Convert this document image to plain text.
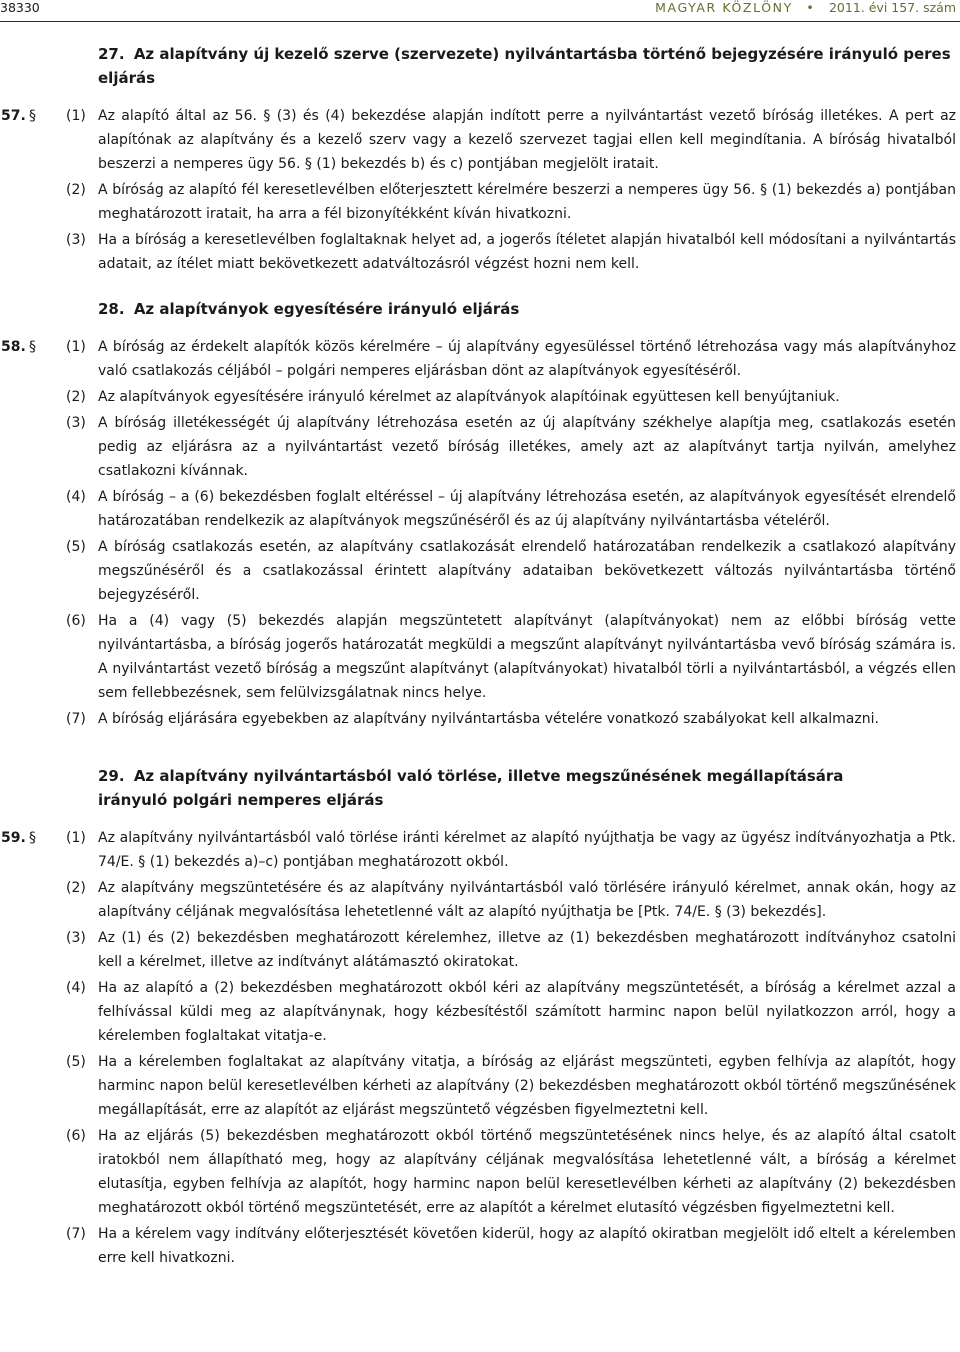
38330	MAGYAR KÖZLÖNY • 2011. évi 157. szám
27. Az alapítvány új kezelő szerve (szervezete) nyilvántartásba történő bejegyzésére irányuló peres eljárás
57. § (1) Az alapító által az 56. § (3) és (4) bekezdése alapján indított perre a nyilvántartást vezető bíróság illetékes. A pert az alapítónak az alapítvány és a kezelő szerv vagy a kezelő szervezet tagjai ellen kell megindítania. A bíróság hivatalból beszerzi a nemperes ügy 56. § (1) bekezdés b) és c) pontjában megjelölt iratait.
(2) A bíróság az alapító fél keresetlevélben előterjesztett kérelmére beszerzi a nemperes ügy 56. § (1) bekezdés a) pontjában meghatározott iratait, ha arra a fél bizonyítékként kíván hivatkozni.
(3) Ha a bíróság a keresetlevélben foglaltaknak helyet ad, a jogerős ítéletet alapján hivatalból kell módosítani a nyilvántartás adatait, az ítélet miatt bekövetkezett adatváltozásról végzést hozni nem kell.
28. Az alapítványok egyesítésére irányuló eljárás
58. § (1) A bíróság az érdekelt alapítók közös kérelmére – új alapítvány egyesüléssel történő létrehozása vagy más alapítványhoz való csatlakozás céljából – polgári nemperes eljárásban dönt az alapítványok egyesítéséről.
(2) Az alapítványok egyesítésére irányuló kérelmet az alapítványok alapítóinak együttesen kell benyújtaniuk.
(3) A bíróság illetékességét új alapítvány létrehozása esetén az új alapítvány székhelye alapítja meg, csatlakozás esetén pedig az eljárásra az a nyilvántartást vezető bíróság illetékes, amely azt az alapítványt tartja nyilván, amelyhez csatlakozni kívánnak.
(4) A bíróság – a (6) bekezdésben foglalt eltéréssel – új alapítvány létrehozása esetén, az alapítványok egyesítését elrendelő határozatában rendelkezik az alapítványok megszűnéséről és az új alapítvány nyilvántartásba vételéről.
(5) A bíróság csatlakozás esetén, az alapítvány csatlakozását elrendelő határozatában rendelkezik a csatlakozó alapítvány megszűnéséről és a csatlakozással érintett alapítvány adataiban bekövetkezett változás nyilvántartásba történő bejegyzéséről.
(6) Ha a (4) vagy (5) bekezdés alapján megszüntetett alapítványt (alapítványokat) nem az előbbi bíróság vette nyilvántartásba, a bíróság jogerős határozatát megküldi a megszűnt alapítványt nyilvántartásba vevő bíróság számára is. A nyilvántartást vezető bíróság a megszűnt alapítványt (alapítványokat) hivatalból törli a nyilvántartásból, a végzés ellen sem fellebbezésnek, sem felülvizsgálatnak nincs helye.
(7) A bíróság eljárására egyebekben az alapítvány nyilvántartásba vételére vonatkozó szabályokat kell alkalmazni.
29. Az alapítvány nyilvántartásból való törlése, illetve megszűnésének megállapítására irányuló polgári nemperes eljárás
59. § (1) Az alapítvány nyilvántartásból való törlése iránti kérelmet az alapító nyújthatja be vagy az ügyész indítványozhatja a Ptk. 74/E. § (1) bekezdés a)–c) pontjában meghatározott okból.
(2) Az alapítvány megszüntetésére és az alapítvány nyilvántartásból való törlésére irányuló kérelmet, annak okán, hogy az alapítvány céljának megvalósítása lehetetlenné vált az alapító nyújthatja be [Ptk. 74/E. § (3) bekezdés].
(3) Az (1) és (2) bekezdésben meghatározott kérelemhez, illetve az (1) bekezdésben meghatározott indítványhoz csatolni kell a kérelmet, illetve az indítványt alátámasztó okiratokat.
(4) Ha az alapító a (2) bekezdésben meghatározott okból kéri az alapítvány megszüntetését, a bíróság a kérelmet azzal a felhívással küldi meg az alapítványnak, hogy kézbesítéstől számított harminc napon belül nyilatkozzon arról, hogy a kérelemben foglaltakat vitatja-e.
(5) Ha a kérelemben foglaltakat az alapítvány vitatja, a bíróság az eljárást megszünteti, egyben felhívja az alapítót, hogy harminc napon belül keresetlevélben kérheti az alapítvány (2) bekezdésben meghatározott okból történő megszűnésének megállapítását, erre az alapítót az eljárást megszüntető végzésben figyelmeztetni kell.
(6) Ha az eljárás (5) bekezdésben meghatározott okból történő megszüntetésének nincs helye, és az alapító által csatolt iratokból nem állapítható meg, hogy az alapítvány céljának megvalósítása lehetetlenné vált, a bíróság a kérelmet elutasítja, egyben felhívja az alapítót, hogy harminc napon belül keresetlevélben kérheti az alapítvány (2) bekezdésben meghatározott okból történő megszüntetését, erre az alapítót a kérelmet elutasító végzésben figyelmeztetni kell.
(7) Ha a kérelem vagy indítvány előterjesztését követően kiderül, hogy az alapító okiratban megjelölt idő eltelt a kérelemben erre kell hivatkozni.
